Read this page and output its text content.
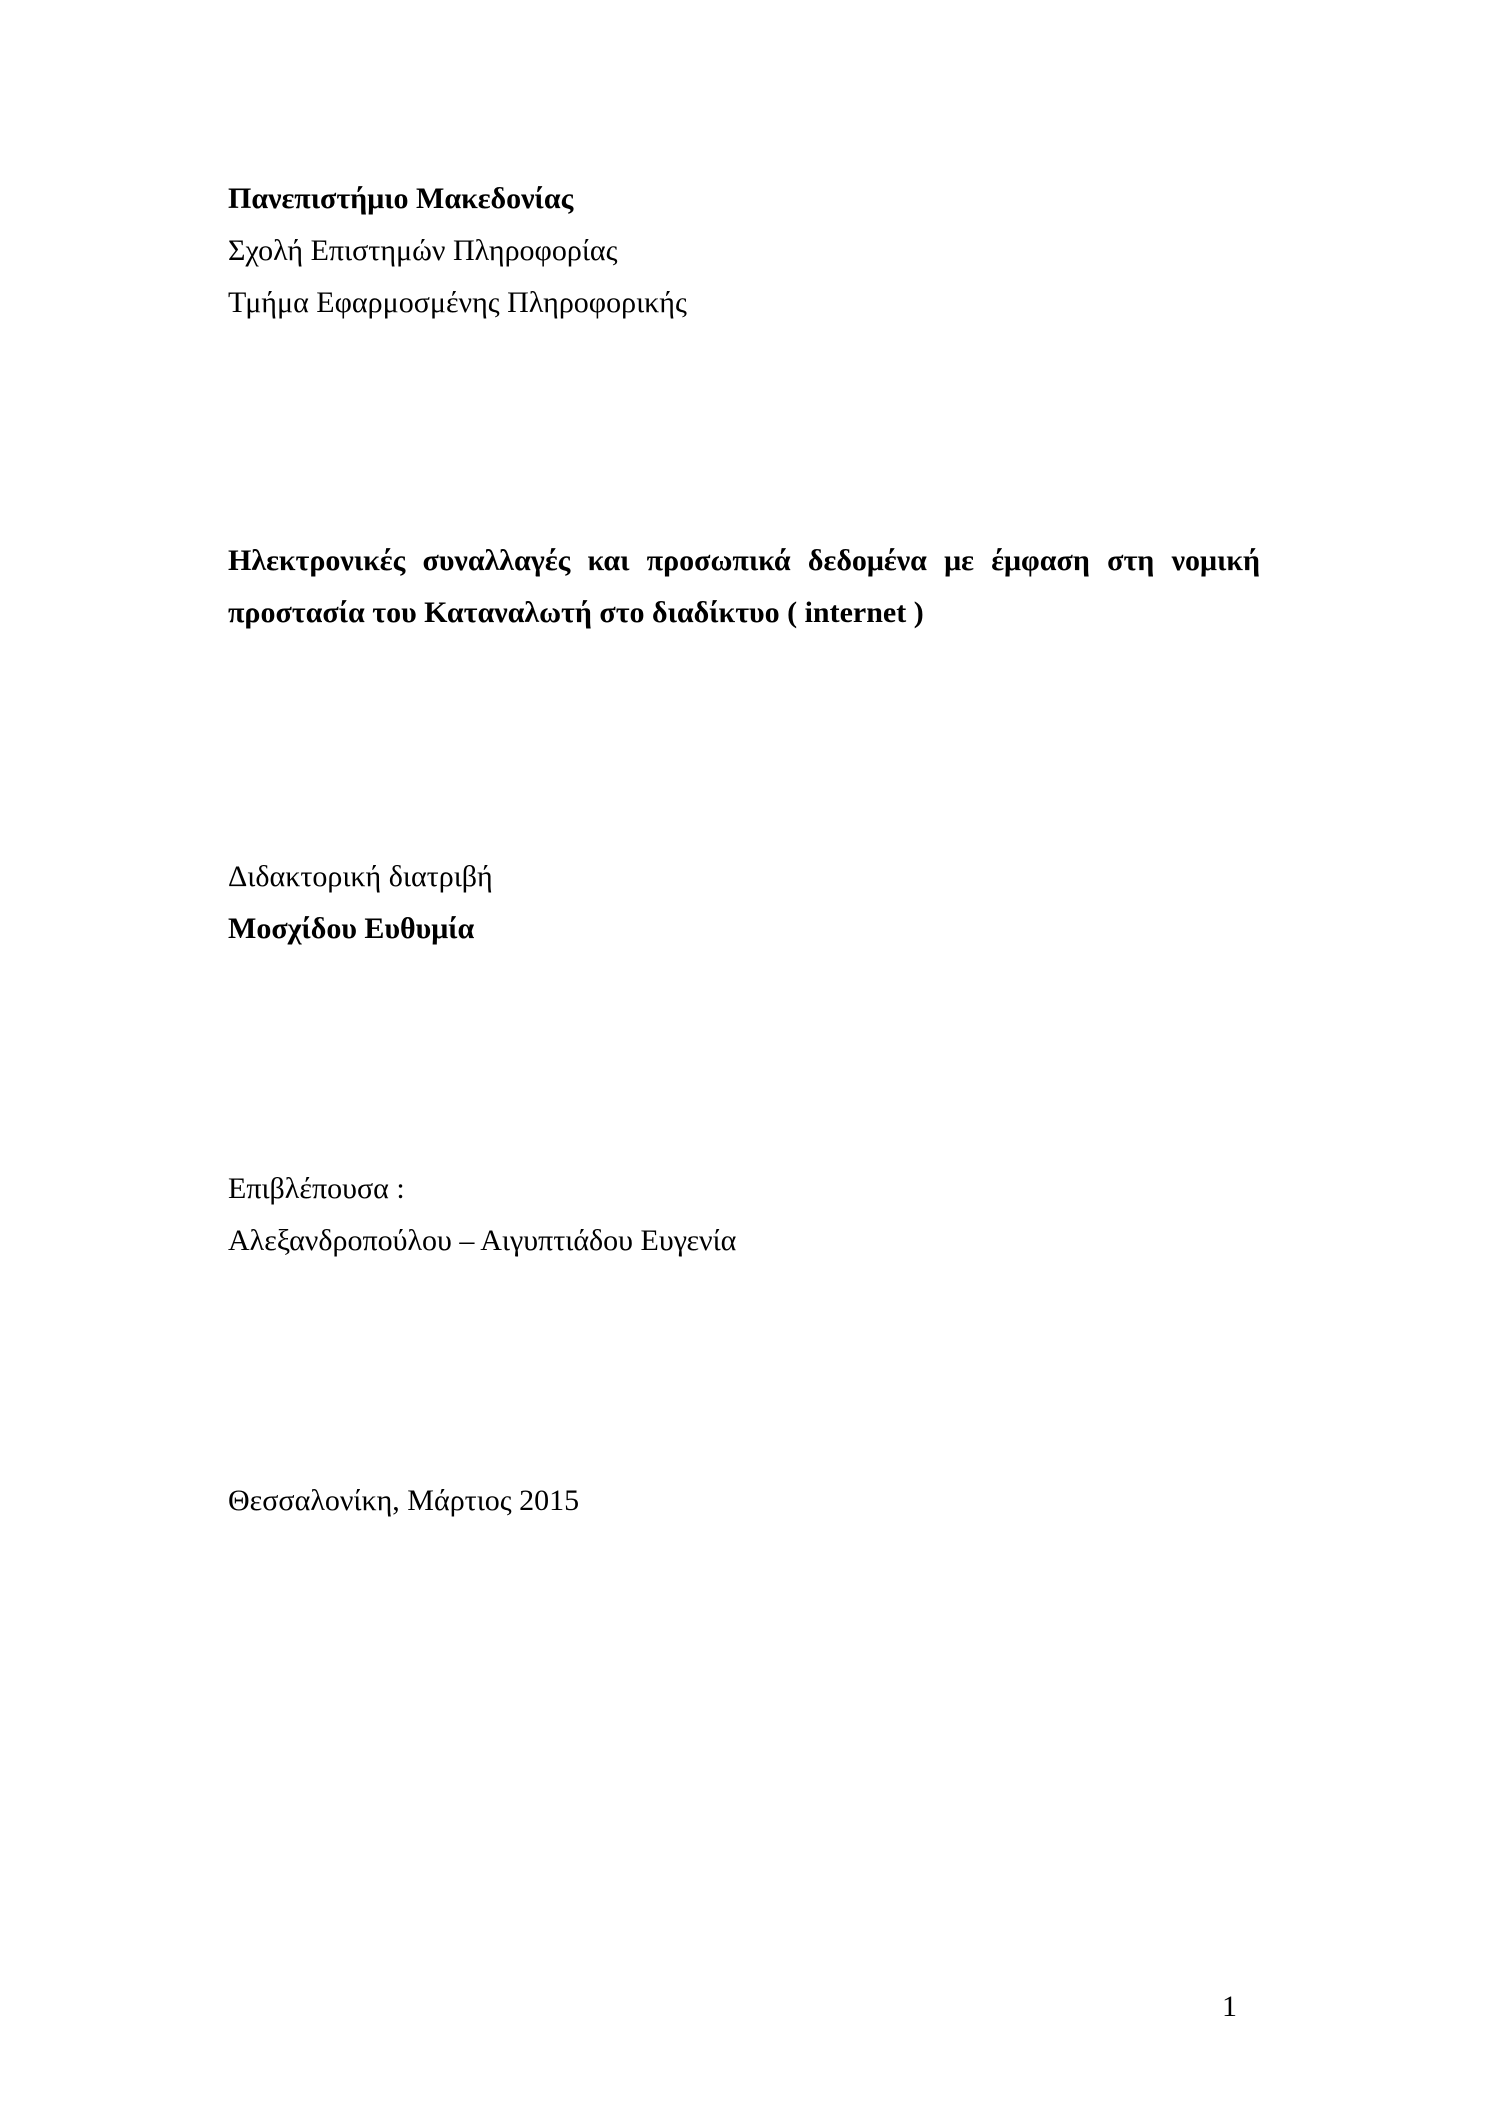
Πανεπιστήμιο Μακεδονίας
Σχολή Επιστημών Πληροφορίας
Τμήμα Εφαρμοσμένης Πληροφορικής
Ηλεκτρονικές συναλλαγές και προσωπικά δεδομένα με έμφαση στη νομική
προστασία του Καταναλωτή στο διαδίκτυο ( internet )
Διδακτορική διατριβή
Μοσχίδου Ευθυμία
Επιβλέπουσα :
Αλεξανδροπούλου – Αιγυπτιάδου Ευγενία
Θεσσαλονίκη, Μάρτιος 2015
1
